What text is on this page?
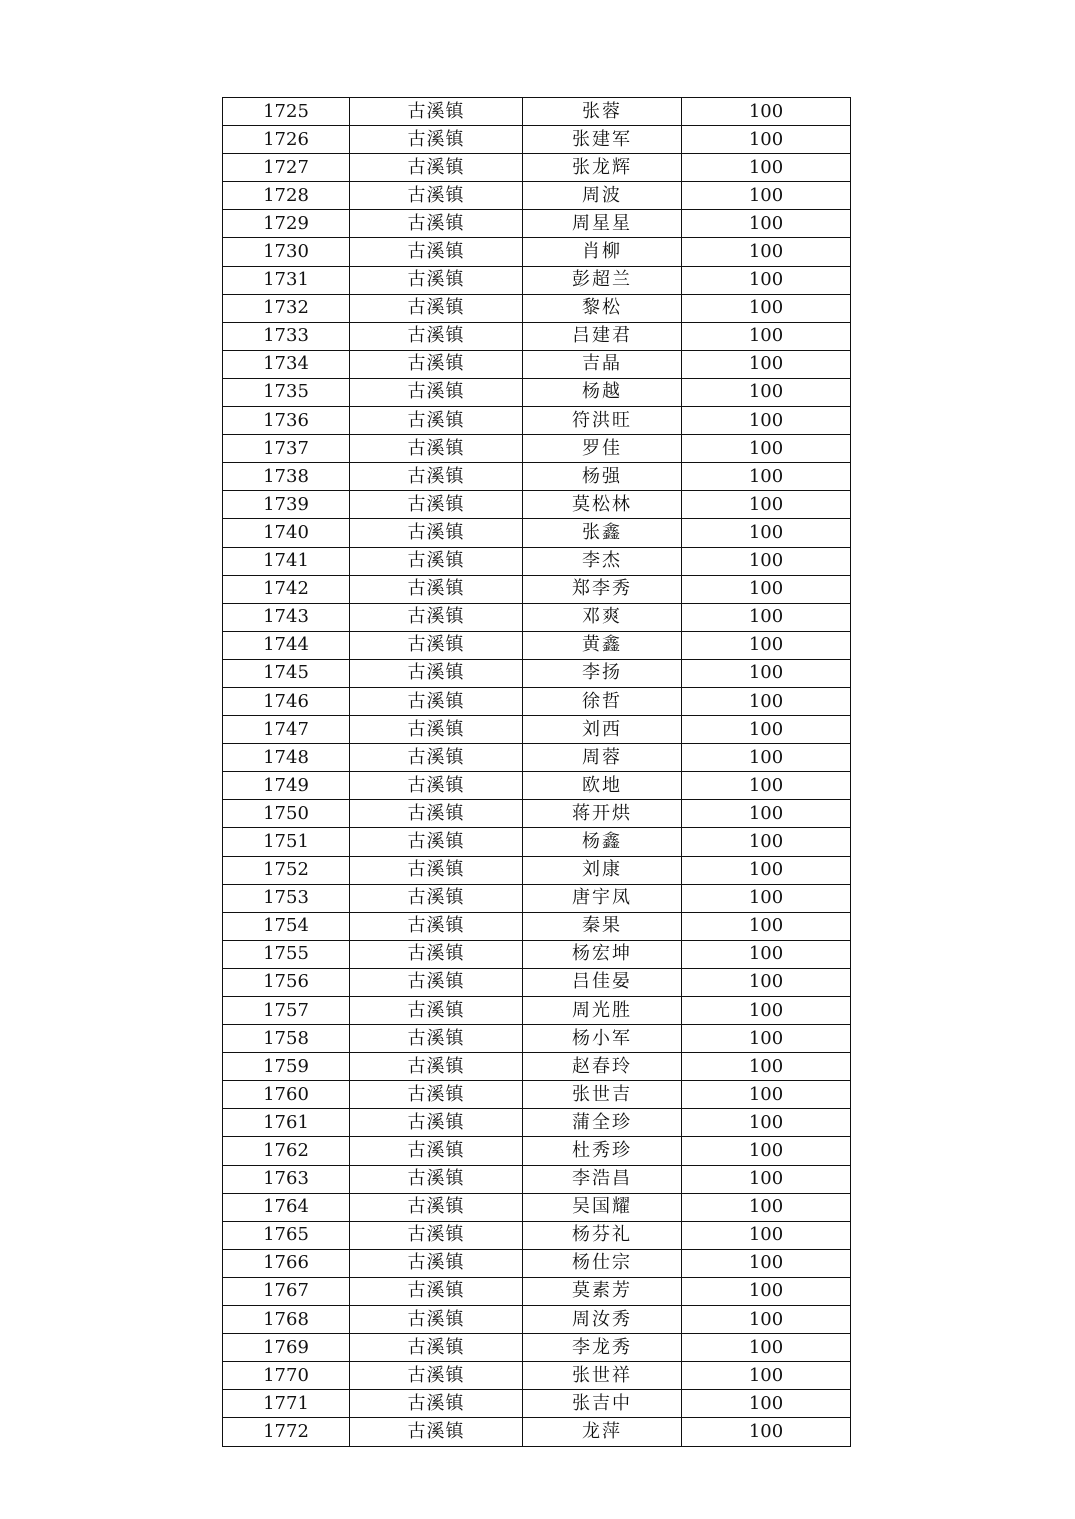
1725	古溪镇	张蓉	100
1726	古溪镇	张建军	100
1727	古溪镇	张龙辉	100
1728	古溪镇	周波	100
1729	古溪镇	周星星	100
1730	古溪镇	肖柳	100
1731	古溪镇	彭超兰	100
1732	古溪镇	黎松	100
1733	古溪镇	吕建君	100
1734	古溪镇	吉晶	100
1735	古溪镇	杨越	100
1736	古溪镇	符洪旺	100
1737	古溪镇	罗佳	100
1738	古溪镇	杨强	100
1739	古溪镇	莫松林	100
1740	古溪镇	张鑫	100
1741	古溪镇	李杰	100
1742	古溪镇	郑李秀	100
1743	古溪镇	邓爽	100
1744	古溪镇	黄鑫	100
1745	古溪镇	李扬	100
1746	古溪镇	徐哲	100
1747	古溪镇	刘西	100
1748	古溪镇	周蓉	100
1749	古溪镇	欧地	100
1750	古溪镇	蒋开烘	100
1751	古溪镇	杨鑫	100
1752	古溪镇	刘康	100
1753	古溪镇	唐宇凤	100
1754	古溪镇	秦果	100
1755	古溪镇	杨宏坤	100
1756	古溪镇	吕佳晏	100
1757	古溪镇	周光胜	100
1758	古溪镇	杨小军	100
1759	古溪镇	赵春玲	100
1760	古溪镇	张世吉	100
1761	古溪镇	蒲全珍	100
1762	古溪镇	杜秀珍	100
1763	古溪镇	李浩昌	100
1764	古溪镇	吴国耀	100
1765	古溪镇	杨芬礼	100
1766	古溪镇	杨仕宗	100
1767	古溪镇	莫素芳	100
1768	古溪镇	周汝秀	100
1769	古溪镇	李龙秀	100
1770	古溪镇	张世祥	100
1771	古溪镇	张吉中	100
1772	古溪镇	龙萍	100
